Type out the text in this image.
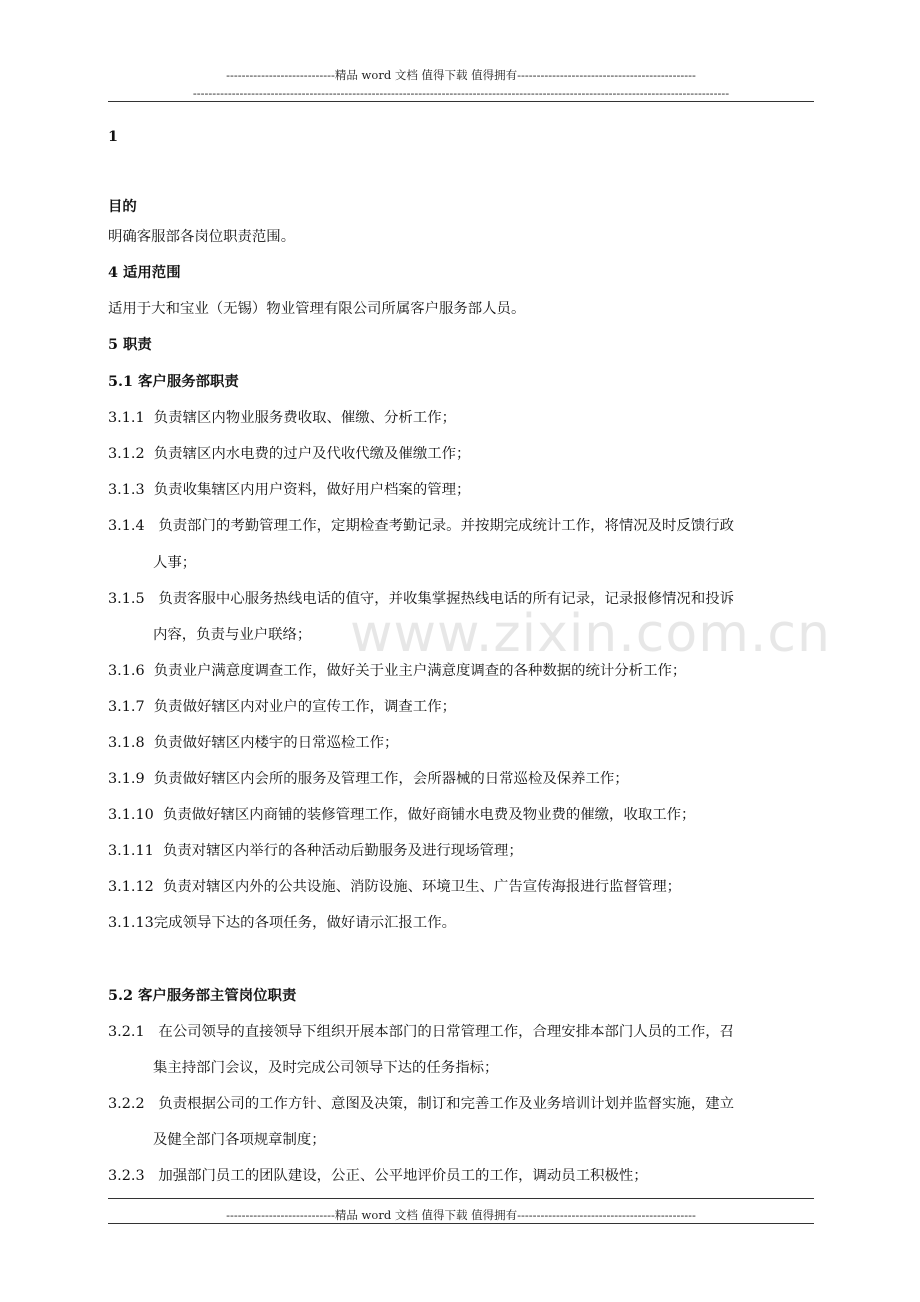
----------------------------精品 word 文档 值得下载 值得拥有----------------------------------------------
------------------------------------------------------------------------------------------------------------------------------------------
www.zixin.com.cn
1
目的
明确客服部各岗位职责范围。
4 适用范围
适用于大和宝业（无锡）物业管理有限公司所属客户服务部人员。
5 职责
5.1 客户服务部职责
3.1.1 负责辖区内物业服务费收取、催缴、分析工作；
3.1.2 负责辖区内水电费的过户及代收代缴及催缴工作；
3.1.3 负责收集辖区内用户资料，做好用户档案的管理；
3.1.4 负责部门的考勤管理工作，定期检查考勤记录。并按期完成统计工作，将情况及时反馈行政
人事；
3.1.5 负责客服中心服务热线电话的值守，并收集掌握热线电话的所有记录，记录报修情况和投诉
内容，负责与业户联络；
3.1.6 负责业户满意度调查工作，做好关于业主户满意度调查的各种数据的统计分析工作；
3.1.7 负责做好辖区内对业户的宣传工作，调查工作；
3.1.8 负责做好辖区内楼宇的日常巡检工作；
3.1.9 负责做好辖区内会所的服务及管理工作，会所器械的日常巡检及保养工作；
3.1.10 负责做好辖区内商铺的装修管理工作，做好商铺水电费及物业费的催缴，收取工作；
3.1.11 负责对辖区内举行的各种活动后勤服务及进行现场管理；
3.1.12 负责对辖区内外的公共设施、消防设施、环境卫生、广告宣传海报进行监督管理；
3.1.13完成领导下达的各项任务，做好请示汇报工作。
5.2 客户服务部主管岗位职责
3.2.1 在公司领导的直接领导下组织开展本部门的日常管理工作，合理安排本部门人员的工作，召
集主持部门会议，及时完成公司领导下达的任务指标；
3.2.2 负责根据公司的工作方针、意图及决策，制订和完善工作及业务培训计划并监督实施，建立
及健全部门各项规章制度；
3.2.3 加强部门员工的团队建设，公正、公平地评价员工的工作，调动员工积极性；
----------------------------精品 word 文档 值得下载 值得拥有----------------------------------------------
